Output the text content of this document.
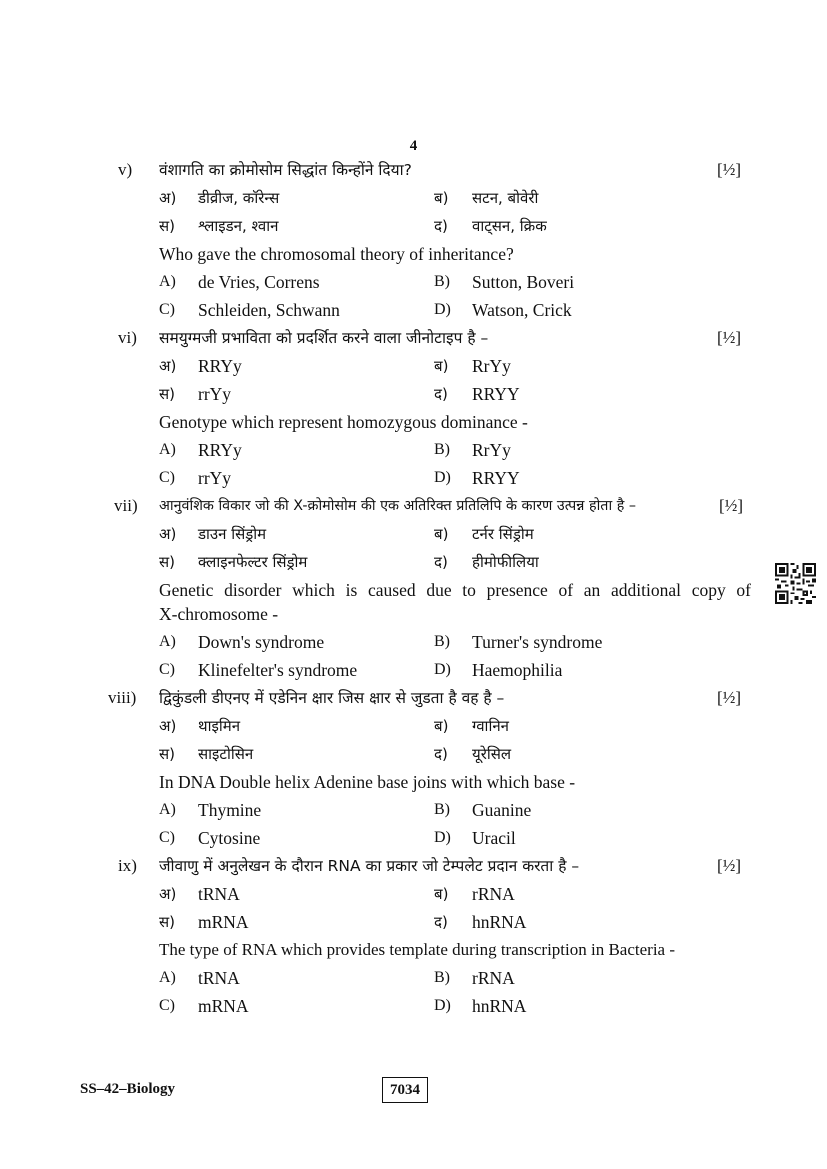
4
v) वंशागति का क्रोमोसोम सिद्धांत किन्होंने दिया?	[½]
अ) डीव्रीज, कॉरेन्स	ब) सटन, बोवेरी
स) श्लाइडन, श्वान	द) वाट्सन, क्रिक
Who gave the chromosomal theory of inheritance?
A) de Vries, Correns	B) Sutton, Boveri
C) Schleiden, Schwann	D) Watson, Crick
vi) समयुग्मजी प्रभाविता को प्रदर्शित करने वाला जीनोटाइप है –	[½]
अ) RRYy	ब) RrYy
स) rrYy	द) RRYY
Genotype which represent homozygous dominance -
A) RRYy	B) RrYy
C) rrYy	D) RRYY
vii) आनुवंशिक विकार जो की X-क्रोमोसोम की एक अतिरिक्त प्रतिलिपि के कारण उत्पन्न होता है –	[½]
अ) डाउन सिंड्रोम	ब) टर्नर सिंड्रोम
स) क्लाइनफेल्टर सिंड्रोम	द) हीमोफीलिया
Genetic disorder which is caused due to presence of an additional copy of
X-chromosome -
A) Down's syndrome	B) Turner's syndrome
C) Klinefelter's syndrome	D) Haemophilia
viii) द्विकुंडली डीएनए में एडेनिन क्षार जिस क्षार से जुडता है वह है –	[½]
अ) थाइमिन	ब) ग्वानिन
स) साइटोसिन	द) यूरेसिल
In DNA Double helix Adenine base joins with which base -
A) Thymine	B) Guanine
C) Cytosine	D) Uracil
ix) जीवाणु में अनुलेखन के दौरान RNA का प्रकार जो टेम्पलेट प्रदान करता है –	[½]
अ) tRNA	ब) rRNA
स) mRNA	द) hnRNA
The type of RNA which provides template during transcription in Bacteria -
A) tRNA	B) rRNA
C) mRNA	D) hnRNA
SS–42–Biology	7034
